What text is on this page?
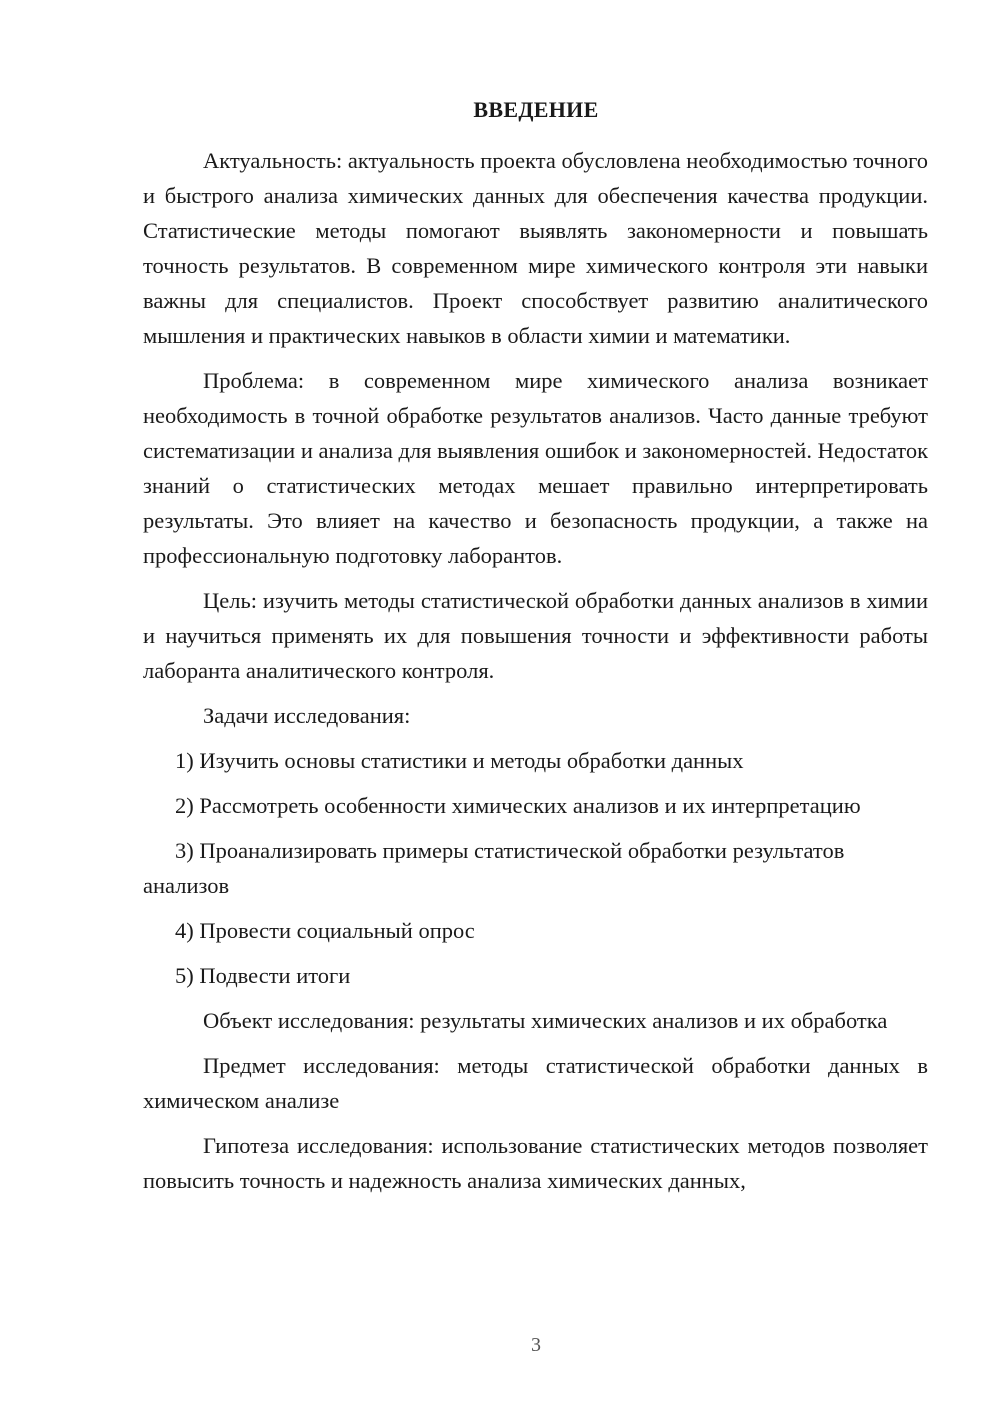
ВВЕДЕНИЕ

Актуальность: актуальность проекта обусловлена необходимостью точного и быстрого анализа химических данных для обеспечения качества продукции. Статистические методы помогают выявлять закономерности и повышать точность результатов. В современном мире химического контроля эти навыки важны для специалистов. Проект способствует развитию аналитического мышления и практических навыков в области химии и математики.

Проблема: в современном мире химического анализа возникает необходимость в точной обработке результатов анализов. Часто данные требуют систематизации и анализа для выявления ошибок и закономерностей. Недостаток знаний о статистических методах мешает правильно интерпретировать результаты. Это влияет на качество и безопасность продукции, а также на профессиональную подготовку лаборантов.

Цель: изучить методы статистической обработки данных анализов в химии и научиться применять их для повышения точности и эффективности работы лаборанта аналитического контроля.

Задачи исследования:

1) Изучить основы статистики и методы обработки данных

2) Рассмотреть особенности химических анализов и их интерпретацию

3) Проанализировать примеры статистической обработки результатов анализов

4) Провести социальный опрос

5) Подвести итоги

Объект исследования: результаты химических анализов и их обработка

Предмет исследования: методы статистической обработки данных в химическом анализе

Гипотеза исследования: использование статистических методов позволяет повысить точность и надежность анализа химических данных,

3
